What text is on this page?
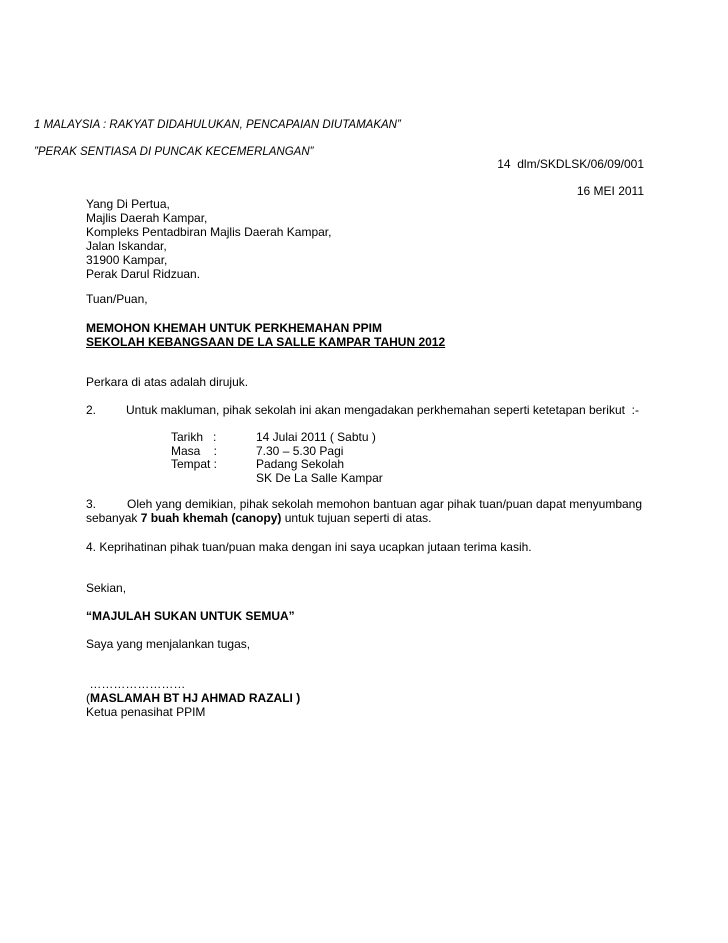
1 MALAYSIA : RAKYAT DIDAHULUKAN, PENCAPAIAN DIUTAMAKAN”
”PERAK SENTIASA DI PUNCAK KECEMERLANGAN”
14  dlm/SKDLSK/06/09/001
16 MEI 2011
Yang Di Pertua,
Majlis Daerah Kampar,
Kompleks Pentadbiran Majlis Daerah Kampar,
Jalan Iskandar,
31900 Kampar,
Perak Darul Ridzuan.
Tuan/Puan,
MEMOHON KHEMAH UNTUK PERKHEMAHAN PPIM
SEKOLAH KEBANGSAAN DE LA SALLE KAMPAR TAHUN 2012
Perkara di atas adalah dirujuk.
2. Untuk makluman, pihak sekolah ini akan mengadakan perkhemahan seperti ketetapan berikut  :-
Tarikh   :	14 Julai 2011 ( Sabtu )
Masa    :	7.30 – 5.30 Pagi
Tempat :	Padang Sekolah
SK De La Salle Kampar
3.	Oleh yang demikian, pihak sekolah memohon bantuan agar pihak tuan/puan dapat menyumbang
sebanyak 7 buah khemah (canopy) untuk tujuan seperti di atas.
4. Keprihatinan pihak tuan/puan maka dengan ini saya ucapkan jutaan terima kasih.
Sekian,
“MAJULAH SUKAN UNTUK SEMUA”
Saya yang menjalankan tugas,
……………………
(MASLAMAH BT HJ AHMAD RAZALI )
Ketua penasihat PPIM
